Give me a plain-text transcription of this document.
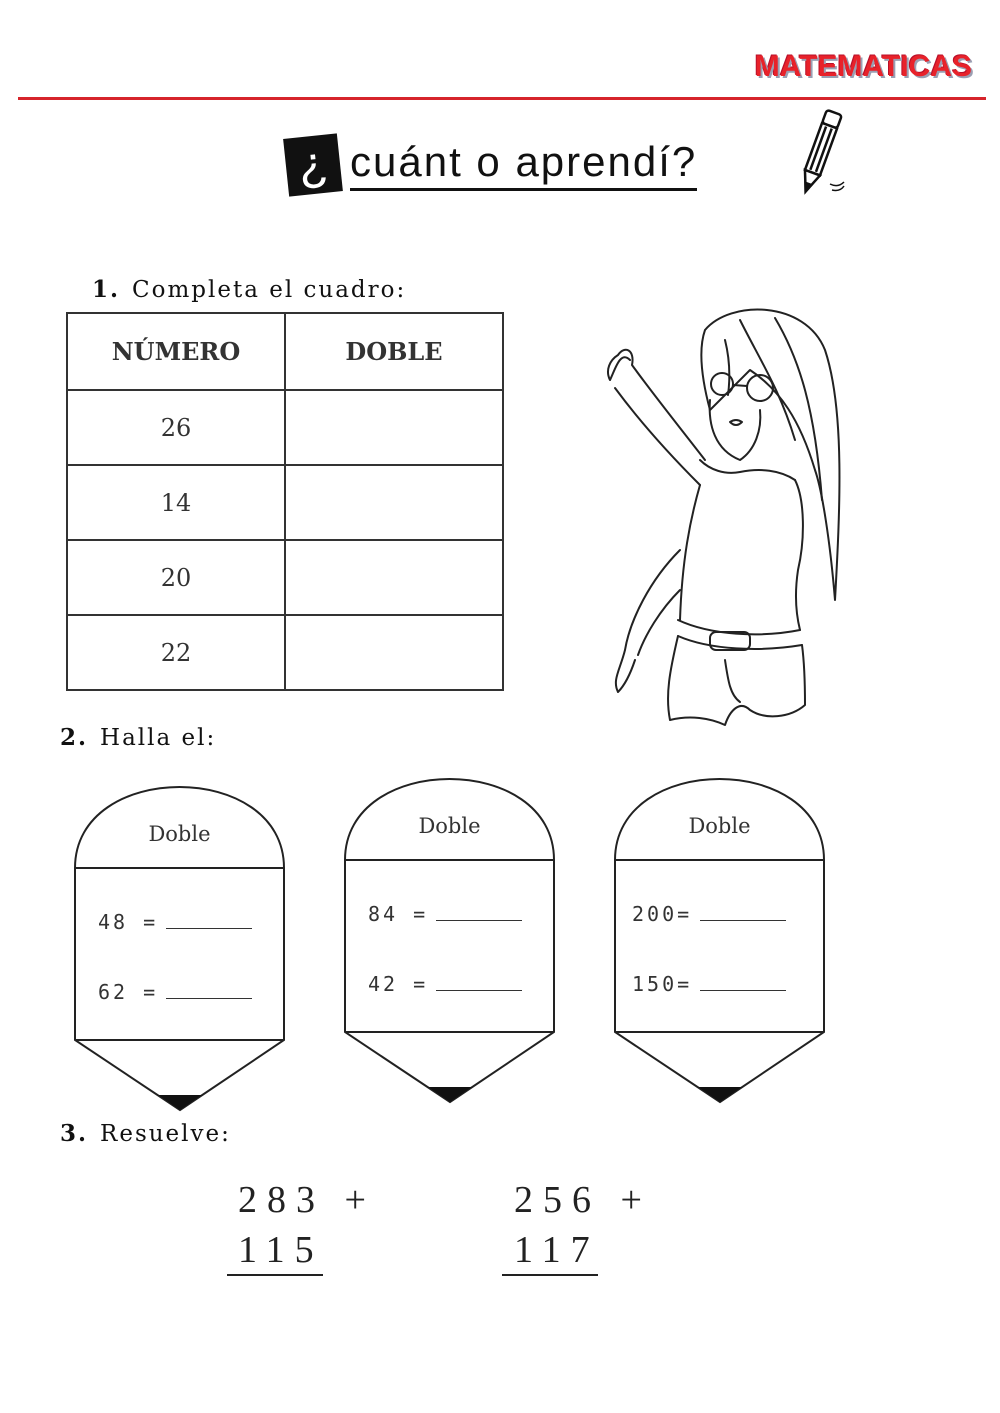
MATEMATICAS
¿ cuánt o aprendí?
1. Completa el cuadro:
NÚMERO	DOBLE
26	
14	
20	
22	
2. Halla el:
Doble
48 =
62 =
Doble
84 =
42 =
Doble
200=
150=
3. Resuelve:
283 +
115
256 +
117
